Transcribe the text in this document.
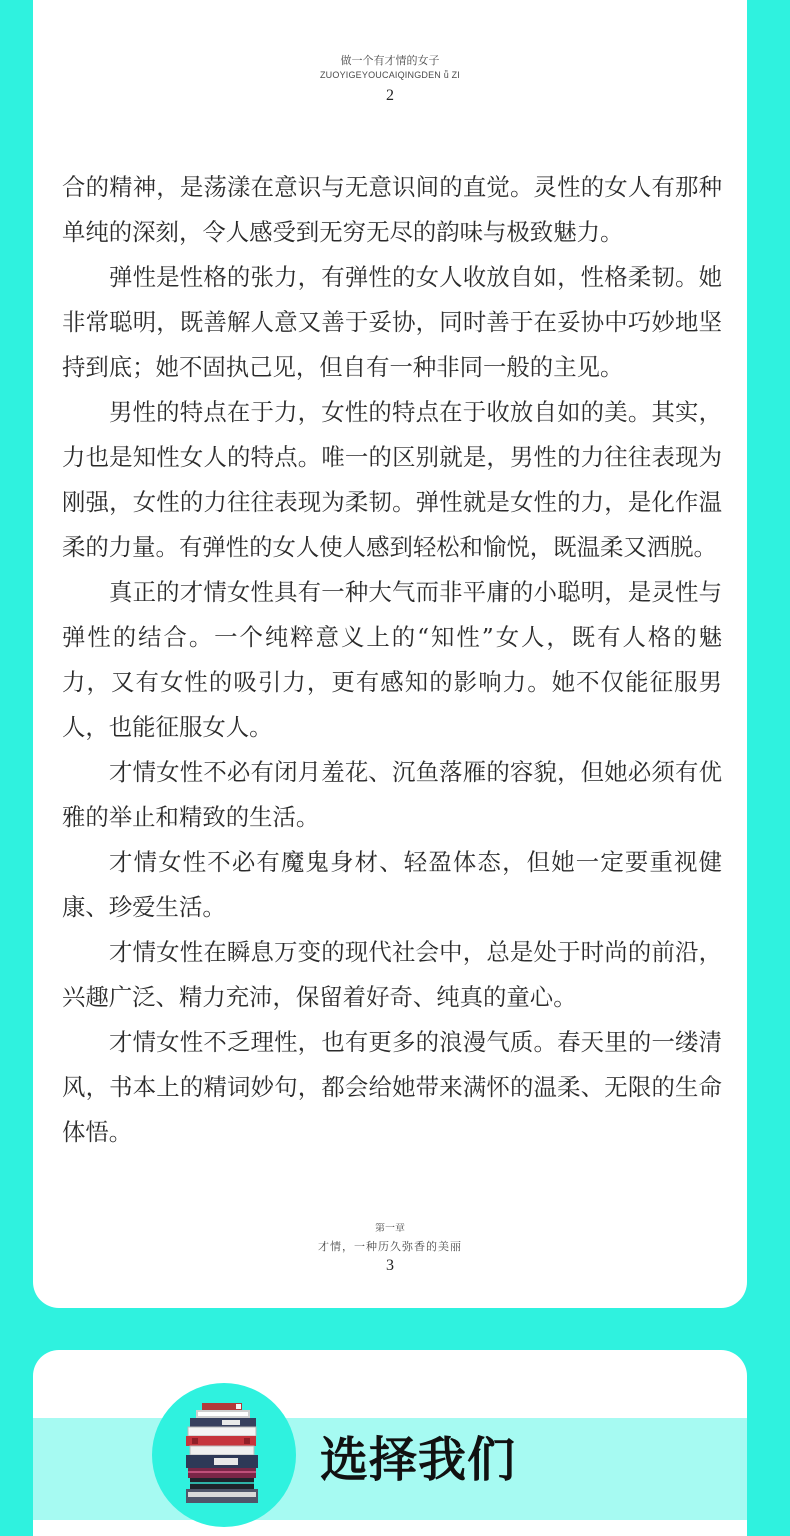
做一个有才情的女子
ZUOYIGEYOUCAIQINGDEN ǚ ZI
2
合的精神，是荡漾在意识与无意识间的直觉。灵性的女人有那种
单纯的深刻，令人感受到无穷无尽的韵味与极致魅力。
弹性是性格的张力，有弹性的女人收放自如，性格柔韧。她
非常聪明，既善解人意又善于妥协，同时善于在妥协中巧妙地坚
持到底；她不固执己见，但自有一种非同一般的主见。
男性的特点在于力，女性的特点在于收放自如的美。其实，
力也是知性女人的特点。唯一的区别就是，男性的力往往表现为
刚强，女性的力往往表现为柔韧。弹性就是女性的力，是化作温
柔的力量。有弹性的女人使人感到轻松和愉悦，既温柔又洒脱。
真正的才情女性具有一种大气而非平庸的小聪明，是灵性与
弹性的结合。一个纯粹意义上的“知性”女人，既有人格的魅
力，又有女性的吸引力，更有感知的影响力。她不仅能征服男
人，也能征服女人。
才情女性不必有闭月羞花、沉鱼落雁的容貌，但她必须有优
雅的举止和精致的生活。
才情女性不必有魔鬼身材、轻盈体态，但她一定要重视健
康、珍爱生活。
才情女性在瞬息万变的现代社会中，总是处于时尚的前沿，
兴趣广泛、精力充沛，保留着好奇、纯真的童心。
才情女性不乏理性，也有更多的浪漫气质。春天里的一缕清
风，书本上的精词妙句，都会给她带来满怀的温柔、无限的生命
体悟。
第一章
才情，一种历久弥香的美丽
3
选择我们
